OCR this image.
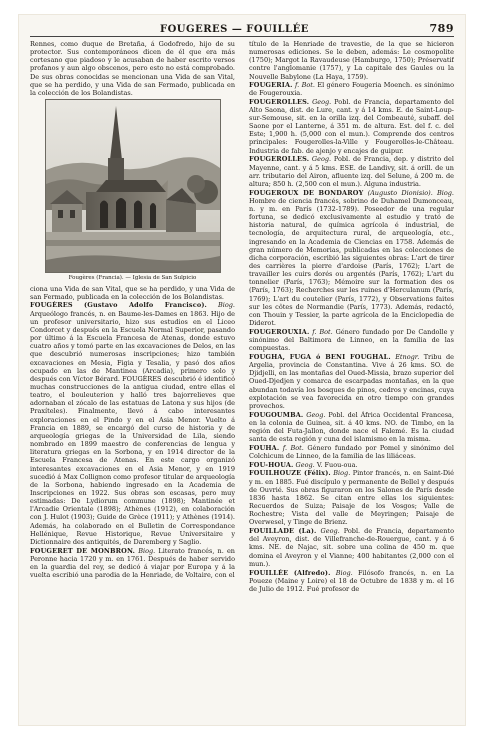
FOUGERES — FOUILLÉE	789

Rennes, como duque de Bretaña, á Godofredo, hijo de su protector. Sus contemporáneos dicen de él que era más cortesano que piadoso y le acusaban de haber escrito versos profanos y aun algo obscenos, pero esto no está comprobado. De sus obras conocidas se mencionan una Vida de san Vital, que se ha perdido, y una Vida de san Fermado, publicada en la colección de los Bolandistas.

Fougères (Francia). — Iglesia de San Sulpicio

ciona una Vida de san Vital, que se ha perdido, y una Vida de san Fermado, publicada en la colección de los Bolandistas.

FOUGÈRES (Gustavo Adolfo Francisco). Biog. Arqueólogo francés, n. en Baume-les-Dames en 1863. Hijo de un profesor universitario, hizo sus estudios en el Liceo Condorcet y después en la Escuela Normal Superior, pasando por último á la Escuela Francesa de Atenas, donde estuvo cuatro años y tomó parte en las excavaciones de Delos, en las que descubrió numerosas inscripciones; hizo también excavaciones en Mesia, Figia y Tesalia, y pasó dos años ocupado en las de Mantinea (Arcadia), primero solo y después con Víctor Bérard. FOUGÈRES descubrió é identificó muchas construcciones de la antigua ciudad, entre ellas el teatro, el bouleuterion y halló tres bajorrelieves que adornaban el zócalo de las estatuas de Latona y sus hijos (de Praxíteles). Finalmente, llevó á cabo interesantes exploraciones en el Pindo y en el Asia Menor. Vuelto á Francia en 1889, se encargó del curso de historia y de arqueología griegas de la Universidad de Lila, siendo nombrado en 1899 maestro de conferencias de lengua y literatura griegas en la Sorbona, y en 1914 director de la Escuela Francesa de Atenas. En este cargo organizó interesantes excavaciones en el Asia Menor, y en 1919 sucedió á Max Collignon como profesor titular de arqueología de la Sorbona, habiendo ingresado en la Academia de Inscripciones en 1922. Sus obras son escasas, pero muy estimadas: De Lydiorum commune (1898); Mantinée et l'Arcadie Orientale (1898); Athènes (1912), en colaboración con J. Hulot (1903); Guide de Grèce (1911); y Athènes (1914). Además, ha colaborado en el Bulletin de Correspondance Hellénique, Revue Historique, Revue Universitaire y Dictionnaire des antiquités, de Daremberg y Saglio.

FOUGERET DE MONBRON. Biog. Literato francés, n. en Peronne hacia 1720 y m. en 1761. Después de haber servido en la guardia del rey, se dedicó á viajar por Europa y á la vuelta escribió una parodia de la Henriade, de Voltaire, con el

título de la Henriade de travestie, de la que se hicieron numerosas ediciones. Se le deben, además: Le cosmopolite (1750); Margot la Ravaudeuse (Hamburgo, 1750); Préservatif contre l'anglomanie (1757), y La capitale des Gaules ou la Nouvelle Babylone (La Haya, 1759).

FOUGERIA. f. Bot. El género Fougeria Moench. es sinónimo de Fougerouxia.

FOUGEROLLES. Geog. Pobl. de Francia, departamento del Alto Saona, dist. de Lure, cant. y á 14 kms. E. de Saint-Loup-sur-Semouse, sit. en la orilla izq. del Combeauté, subaff. del Saone por el Lanterne, á 351 m. de altura. Est. del f. c. del Este; 1,900 h. (5,000 con el mun.). Comprende dos centros principales: Fougerolles-la-Ville y Fougerolles-le-Château. Industria de fab. de ajenjo y encajes de guipur.

FOUGEROLLES. Geog. Pobl. de Francia, dep. y distrito del Mayenne, cant. y á 5 kms. ESE. de Landivy, sit. á orill. de un arr. tributario del Airon, afluente izq. del Selune, á 200 m. de altura; 850 h. (2,500 con el mun.). Alguna industria.

FOUGEROUX DE BONDAROY (Augusto Dionisio). Biog. Hombre de ciencia francés, sobrino de Duhamel Dumonceau, n. y m. en París (1732-1789). Poseedor de una regular fortuna, se dedicó exclusivamente al estudio y trató de historia natural, de química agrícola é industrial, de tecnología, de arquitectura rural, de arqueología, etc., ingresando en la Academia de Ciencias en 1758. Además de gran número de Memorias, publicadas en las colecciones de dicha corporación, escribió las siguientes obras: L'art de tirer des carrières la pierre d'ardoise (París, 1762); L'art de travailler les cuirs dorés ou argentés (París, 1762); L'art du tonnelier (París, 1763); Mémoire sur la formation des os (París, 1763); Recherches sur les ruines d'Herculanum (París, 1769); L'art du coutelier (París, 1772), y Observations faites sur les côtes de Normandie (París, 1773). Además, redactó, con Thouin y Tessier, la parte agrícola de la Enciclopedia de Diderot.

FOUGEROUXIA. f. Bot. Género fundado por De Candolle y sinónimo del Baltimora de Linneo, en la familia de las compuestas.

FOUGHA, FUGA ó BENI FOUGHAL. Etnogr. Tribu de Argelia, provincia de Constantina. Vive á 26 kms. SO. de Djidjelli, en las montañas del Oued-Missia, brazo superior del Oued-Djedjen y comarca de escarpadas montañas, en la que abundan todavía los bosques de pinos, cedros y encinas, cuya explotación se vea favorecida en otro tiempo con grandes provechos.

FOUGOUMBA. Geog. Pobl. del África Occidental Francesa, en la colonia de Guinea, sit. á 40 kms. NO. de Timbo, en la región del Futa-Jallon, donde nace el Falemé. Es la ciudad santa de esta región y cuna del islamismo en la misma.

FOUHA. f. Bot. Género fundado por Pomel y sinónimo del Colchicum de Linneo, de la familia de las liliáceas.

FOU-HOUA. Geog. V. Fuou-oua.

FOUILHOUZE (Félix). Biog. Pintor francés, n. en Saint-Dié y m. en 1885. Fué discípulo y permanente de Bellel y después de Ouvrié. Sus obras figuraron en los Salones de París desde 1836 hasta 1862. Se citan entre ellas los siguientes: Recuerdos de Suiza; Paisaje de los Vosgos; Valle de Rochestre; Vista del valle de Meyringen; Paisaje de Overwesel, y Tinge de Brienz.

FOUILLADE (La). Geog. Pobl. de Francia, departamento del Aveyron, dist. de Villefranche-de-Rouergue, cant. y á 6 kms. NE. de Najac, sit. sobre una colina de 450 m. que domina el Aveyron y el Vianne; 400 habitantes (2,000 con el mun.).

FOUILLÉE (Alfredo). Biog. Filósofo francés, n. en La Poueze (Maine y Loire) el 18 de Octubre de 1838 y m. el 16 de Julio de 1912. Fué profesor de
